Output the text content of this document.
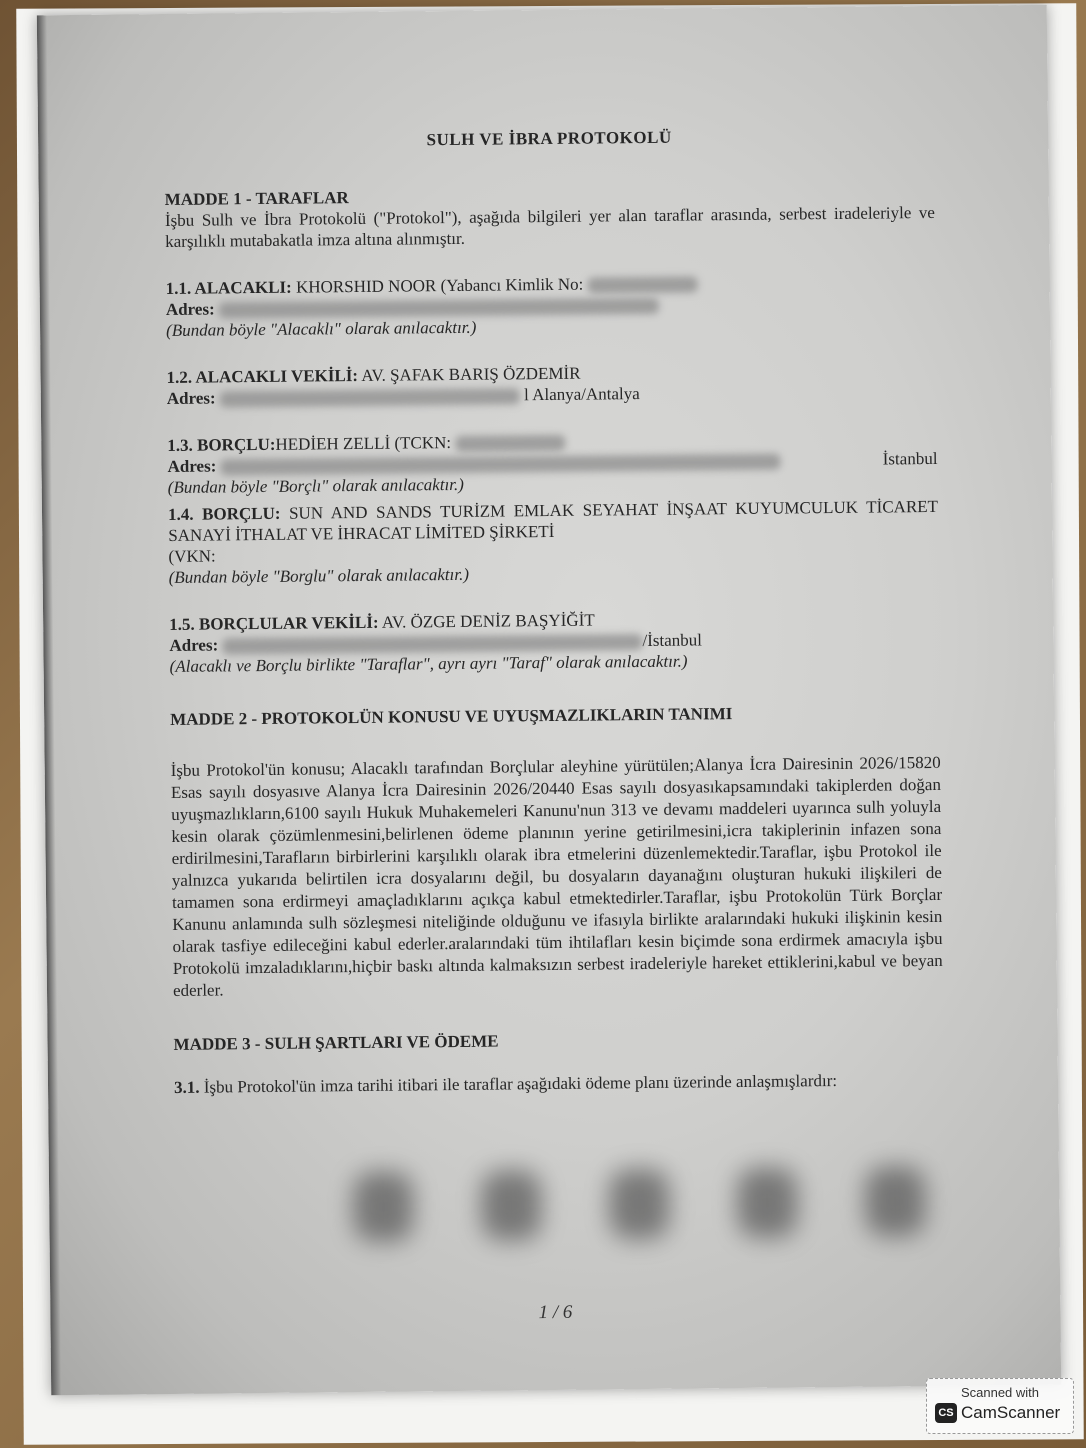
SULH VE İBRA PROTOKOLÜ

MADDE 1 - TARAFLAR

İşbu Sulh ve İbra Protokolü ("Protokol"), aşağıda bilgileri yer alan taraflar arasında, serbest iradeleriyle ve karşılıklı mutabakatla imza altına alınmıştır.

1.1. ALACAKLI: KHORSHID NOOR (Yabancı Kimlik No:

Adres:

(Bundan böyle "Alacaklı" olarak anılacaktır.)

1.2. ALACAKLI VEKİLİ: AV. ŞAFAK BARIŞ ÖZDEMİR

Adres:	l Alanya/Antalya

1.3. BORÇLU:HEDİEH ZELLİ (TCKN:

Adres:	İstanbul

(Bundan böyle "Borçlı" olarak anılacaktır.)

1.4. BORÇLU: SUN AND SANDS TURİZM EMLAK SEYAHAT İNŞAAT KUYUMCULUK TİCARET SANAYİ İTHALAT VE İHRACAT LİMİTED ŞİRKETİ

(VKN:

(Bundan böyle "Borglu" olarak anılacaktır.)

1.5. BORÇLULAR VEKİLİ: AV. ÖZGE DENİZ BAŞYİĞİT

Adres:	/İstanbul

(Alacaklı ve Borçlu birlikte "Taraflar", ayrı ayrı "Taraf" olarak anılacaktır.)

MADDE 2 - PROTOKOLÜN KONUSU VE UYUŞMAZLIKLARIN TANIMI

İşbu Protokol'ün konusu; Alacaklı tarafından Borçlular aleyhine yürütülen;Alanya İcra Dairesinin 2026/15820 Esas sayılı dosyasıve Alanya İcra Dairesinin 2026/20440 Esas sayılı dosyasıkapsamındaki takiplerden doğan uyuşmazlıkların,6100 sayılı Hukuk Muhakemeleri Kanunu'nun 313 ve devamı maddeleri uyarınca sulh yoluyla kesin olarak çözümlenmesini,belirlenen ödeme planının yerine getirilmesini,icra takiplerinin infazen sona erdirilmesini,Tarafların birbirlerini karşılıklı olarak ibra etmelerini düzenlemektedir.Taraflar, işbu Protokol ile yalnızca yukarıda belirtilen icra dosyalarını değil, bu dosyaların dayanağını oluşturan hukuki ilişkileri de tamamen sona erdirmeyi amaçladıklarını açıkça kabul etmektedirler.Taraflar, işbu Protokolün Türk Borçlar Kanunu anlamında sulh sözleşmesi niteliğinde olduğunu ve ifasıyla birlikte aralarındaki hukuki ilişkinin kesin olarak tasfiye edileceğini kabul ederler.aralarındaki tüm ihtilafları kesin biçimde sona erdirmek amacıyla işbu Protokolü imzaladıklarını,hiçbir baskı altında kalmaksızın serbest iradeleriyle hareket ettiklerini,kabul ve beyan ederler.

MADDE 3 - SULH ŞARTLARI VE ÖDEME

3.1. İşbu Protokol'ün imza tarihi itibari ile taraflar aşağıdaki ödeme planı üzerinde anlaşmışlardır:

1 / 6
Scanned with
CS CamScanner
